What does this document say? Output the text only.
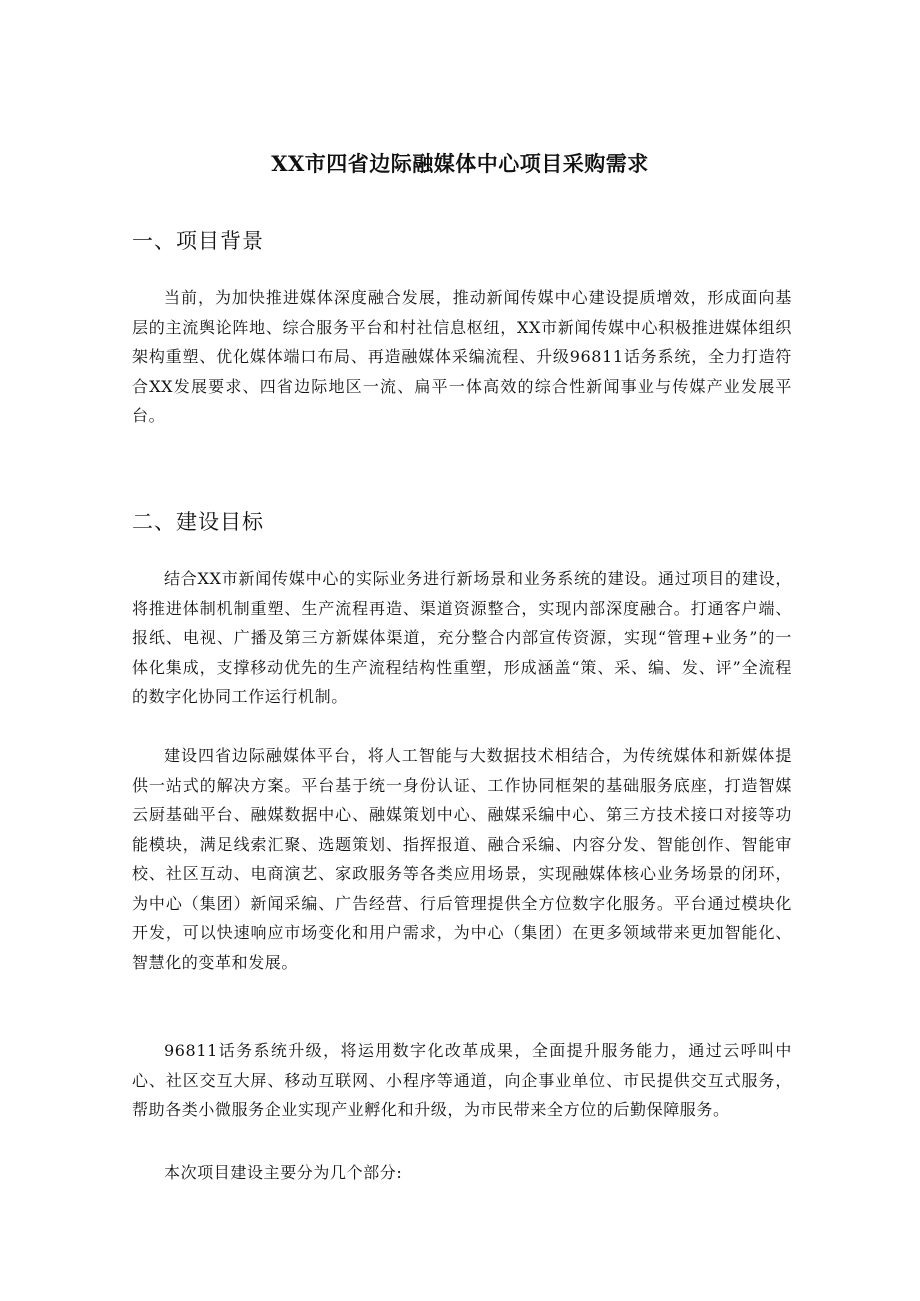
XX市四省边际融媒体中心项目采购需求
一、项目背景

当前，为加快推进媒体深度融合发展，推动新闻传媒中心建设提质增效，形成面向基层的主流舆论阵地、综合服务平台和村社信息枢纽，XX市新闻传媒中心积极推进媒体组织架构重塑、优化媒体端口布局、再造融媒体采编流程、升级96811话务系统，全力打造符合XX发展要求、四省边际地区一流、扁平一体高效的综合性新闻事业与传媒产业发展平台。

二、建设目标

结合XX市新闻传媒中心的实际业务进行新场景和业务系统的建设。通过项目的建设，将推进体制机制重塑、生产流程再造、渠道资源整合，实现内部深度融合。打通客户端、报纸、电视、广播及第三方新媒体渠道，充分整合内部宣传资源，实现“管理+业务”的一体化集成，支撑移动优先的生产流程结构性重塑，形成涵盖“策、采、编、发、评”全流程的数字化协同工作运行机制。

建设四省边际融媒体平台，将人工智能与大数据技术相结合，为传统媒体和新媒体提供一站式的解决方案。平台基于统一身份认证、工作协同框架的基础服务底座，打造智媒云厨基础平台、融媒数据中心、融媒策划中心、融媒采编中心、第三方技术接口对接等功能模块，满足线索汇聚、选题策划、指挥报道、融合采编、内容分发、智能创作、智能审校、社区互动、电商演艺、家政服务等各类应用场景，实现融媒体核心业务场景的闭环，为中心（集团）新闻采编、广告经营、行后管理提供全方位数字化服务。平台通过模块化开发，可以快速响应市场变化和用户需求，为中心（集团）在更多领域带来更加智能化、智慧化的变革和发展。

96811话务系统升级，将运用数字化改革成果，全面提升服务能力，通过云呼叫中心、社区交互大屏、移动互联网、小程序等通道，向企事业单位、市民提供交互式服务，帮助各类小微服务企业实现产业孵化和升级，为市民带来全方位的后勤保障服务。

本次项目建设主要分为几个部分:
